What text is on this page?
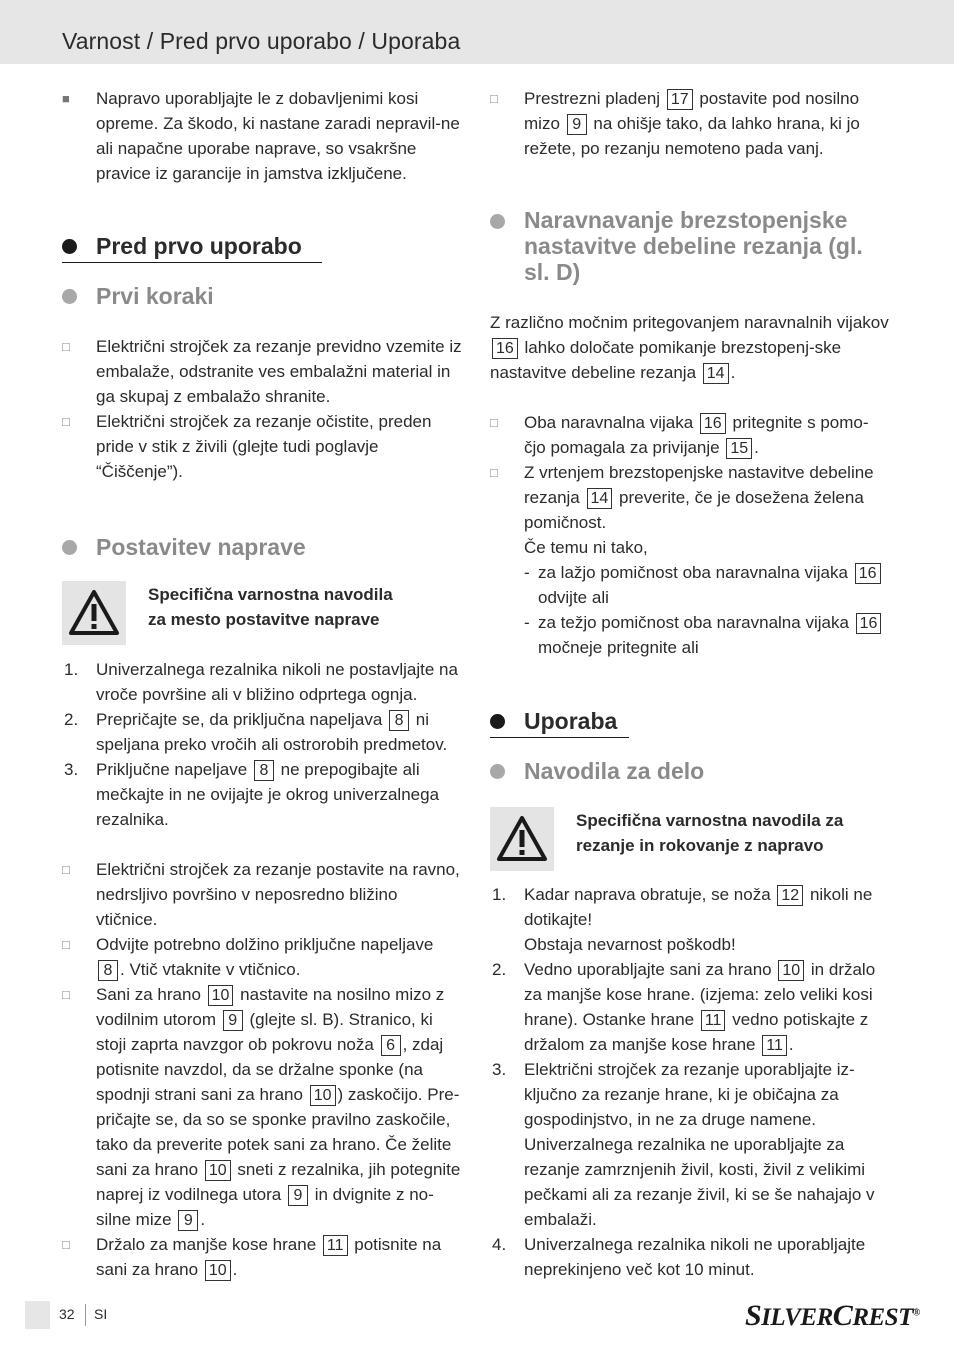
Varnost / Pred prvo uporabo / Uporaba
■	Napravo uporabljajte le z dobavljenimi kosi opreme. Za škodo, ki nastane zaradi nepravil-ne ali napačne uporabe naprave, so vsakršne pravice iz garancije in jamstva izključene.
Pred prvo uporabo
Prvi koraki
□	Električni strojček za rezanje previdno vzemite iz embalaže, odstranite ves embalažni material in ga skupaj z embalažo shranite.
□	Električni strojček za rezanje očistite, preden pride v stik z živili (glejte tudi poglavje “Čiščenje”).
Postavitev naprave
Specifična varnostna navodila
za mesto postavitve naprave
1. Univerzalnega rezalnika nikoli ne postavljajte na vroče površine ali v bližino odprtega ognja.
2. Prepričajte se, da priključna napeljava 8 ni speljana preko vročih ali ostrorobih predmetov.
3. Priključne napeljave 8 ne prepogibajte ali mečkajte in ne ovijajte je okrog univerzalnega rezalnika.
□	Električni strojček za rezanje postavite na ravno, nedrsljivo površino v neposredno bližino vtičnice.
□	Odvijte potrebno dolžino priključne napeljave 8 . Vtič vtaknite v vtičnico.
□	Sani za hrano 10 nastavite na nosilno mizo z vodilnim utorom 9 (glejte sl. B). Stranico, ki stoji zaprta navzgor ob pokrovu noža 6 , zdaj potisnite navzdol, da se držalne sponke (na spodnji strani sani za hrano 10 ) zaskočijo. Pre-pričajte se, da so se sponke pravilno zaskočile, tako da preverite potek sani za hrano. Če želite sani za hrano 10 sneti z rezalnika, jih potegnite naprej iz vodilnega utora 9 in dvignite z no-silne mize 9 .
□	Držalo za manjše kose hrane 11 potisnite na sani za hrano 10 .
□	Prestrezni pladenj 17 postavite pod nosilno mizo 9 na ohišje tako, da lahko hrana, ki jo režete, po rezanju nemoteno pada vanj.
Naravnavanje brezstopenjske nastavitve debeline rezanja (gl. sl. D)
Z različno močnim pritegovanjem naravnalnih vijakov 16 lahko določate pomikanje brezstopenj-ske nastavitve debeline rezanja 14 .
□	Oba naravnalna vijaka 16 pritegnite s pomo-čjo pomagala za privijanje 15 .
□	Z vrtenjem brezstopenjske nastavitve debeline rezanja 14 preverite, če je dosežena želena pomičnost.
Če temu ni tako,
- za lažjo pomičnost oba naravnalna vijaka 16 odvijte ali
- za težjo pomičnost oba naravnalna vijaka 16 močneje pritegnite ali
Uporaba
Navodila za delo
Specifična varnostna navodila za
rezanje in rokovanje z napravo
1. Kadar naprava obratuje, se noža 12 nikoli ne dotikajte!
Obstaja nevarnost poškodb!
2. Vedno uporabljajte sani za hrano 10 in držalo za manjše kose hrane. (izjema: zelo veliki kosi hrane). Ostanke hrane 11 vedno potiskajte z držalom za manjše kose hrane 11 .
3. Električni strojček za rezanje uporabljajte iz-ključno za rezanje hrane, ki je običajna za gospodinjstvo, in ne za druge namene.
Univerzalnega rezalnika ne uporabljajte za rezanje zamrznjenih živil, kosti, živil z velikimi pečkami ali za rezanje živil, ki se še nahajajo v embalaži.
4. Univerzalnega rezalnika nikoli ne uporabljajte neprekinjeno več kot 10 minut.
32 SI	SILVERCREST®
